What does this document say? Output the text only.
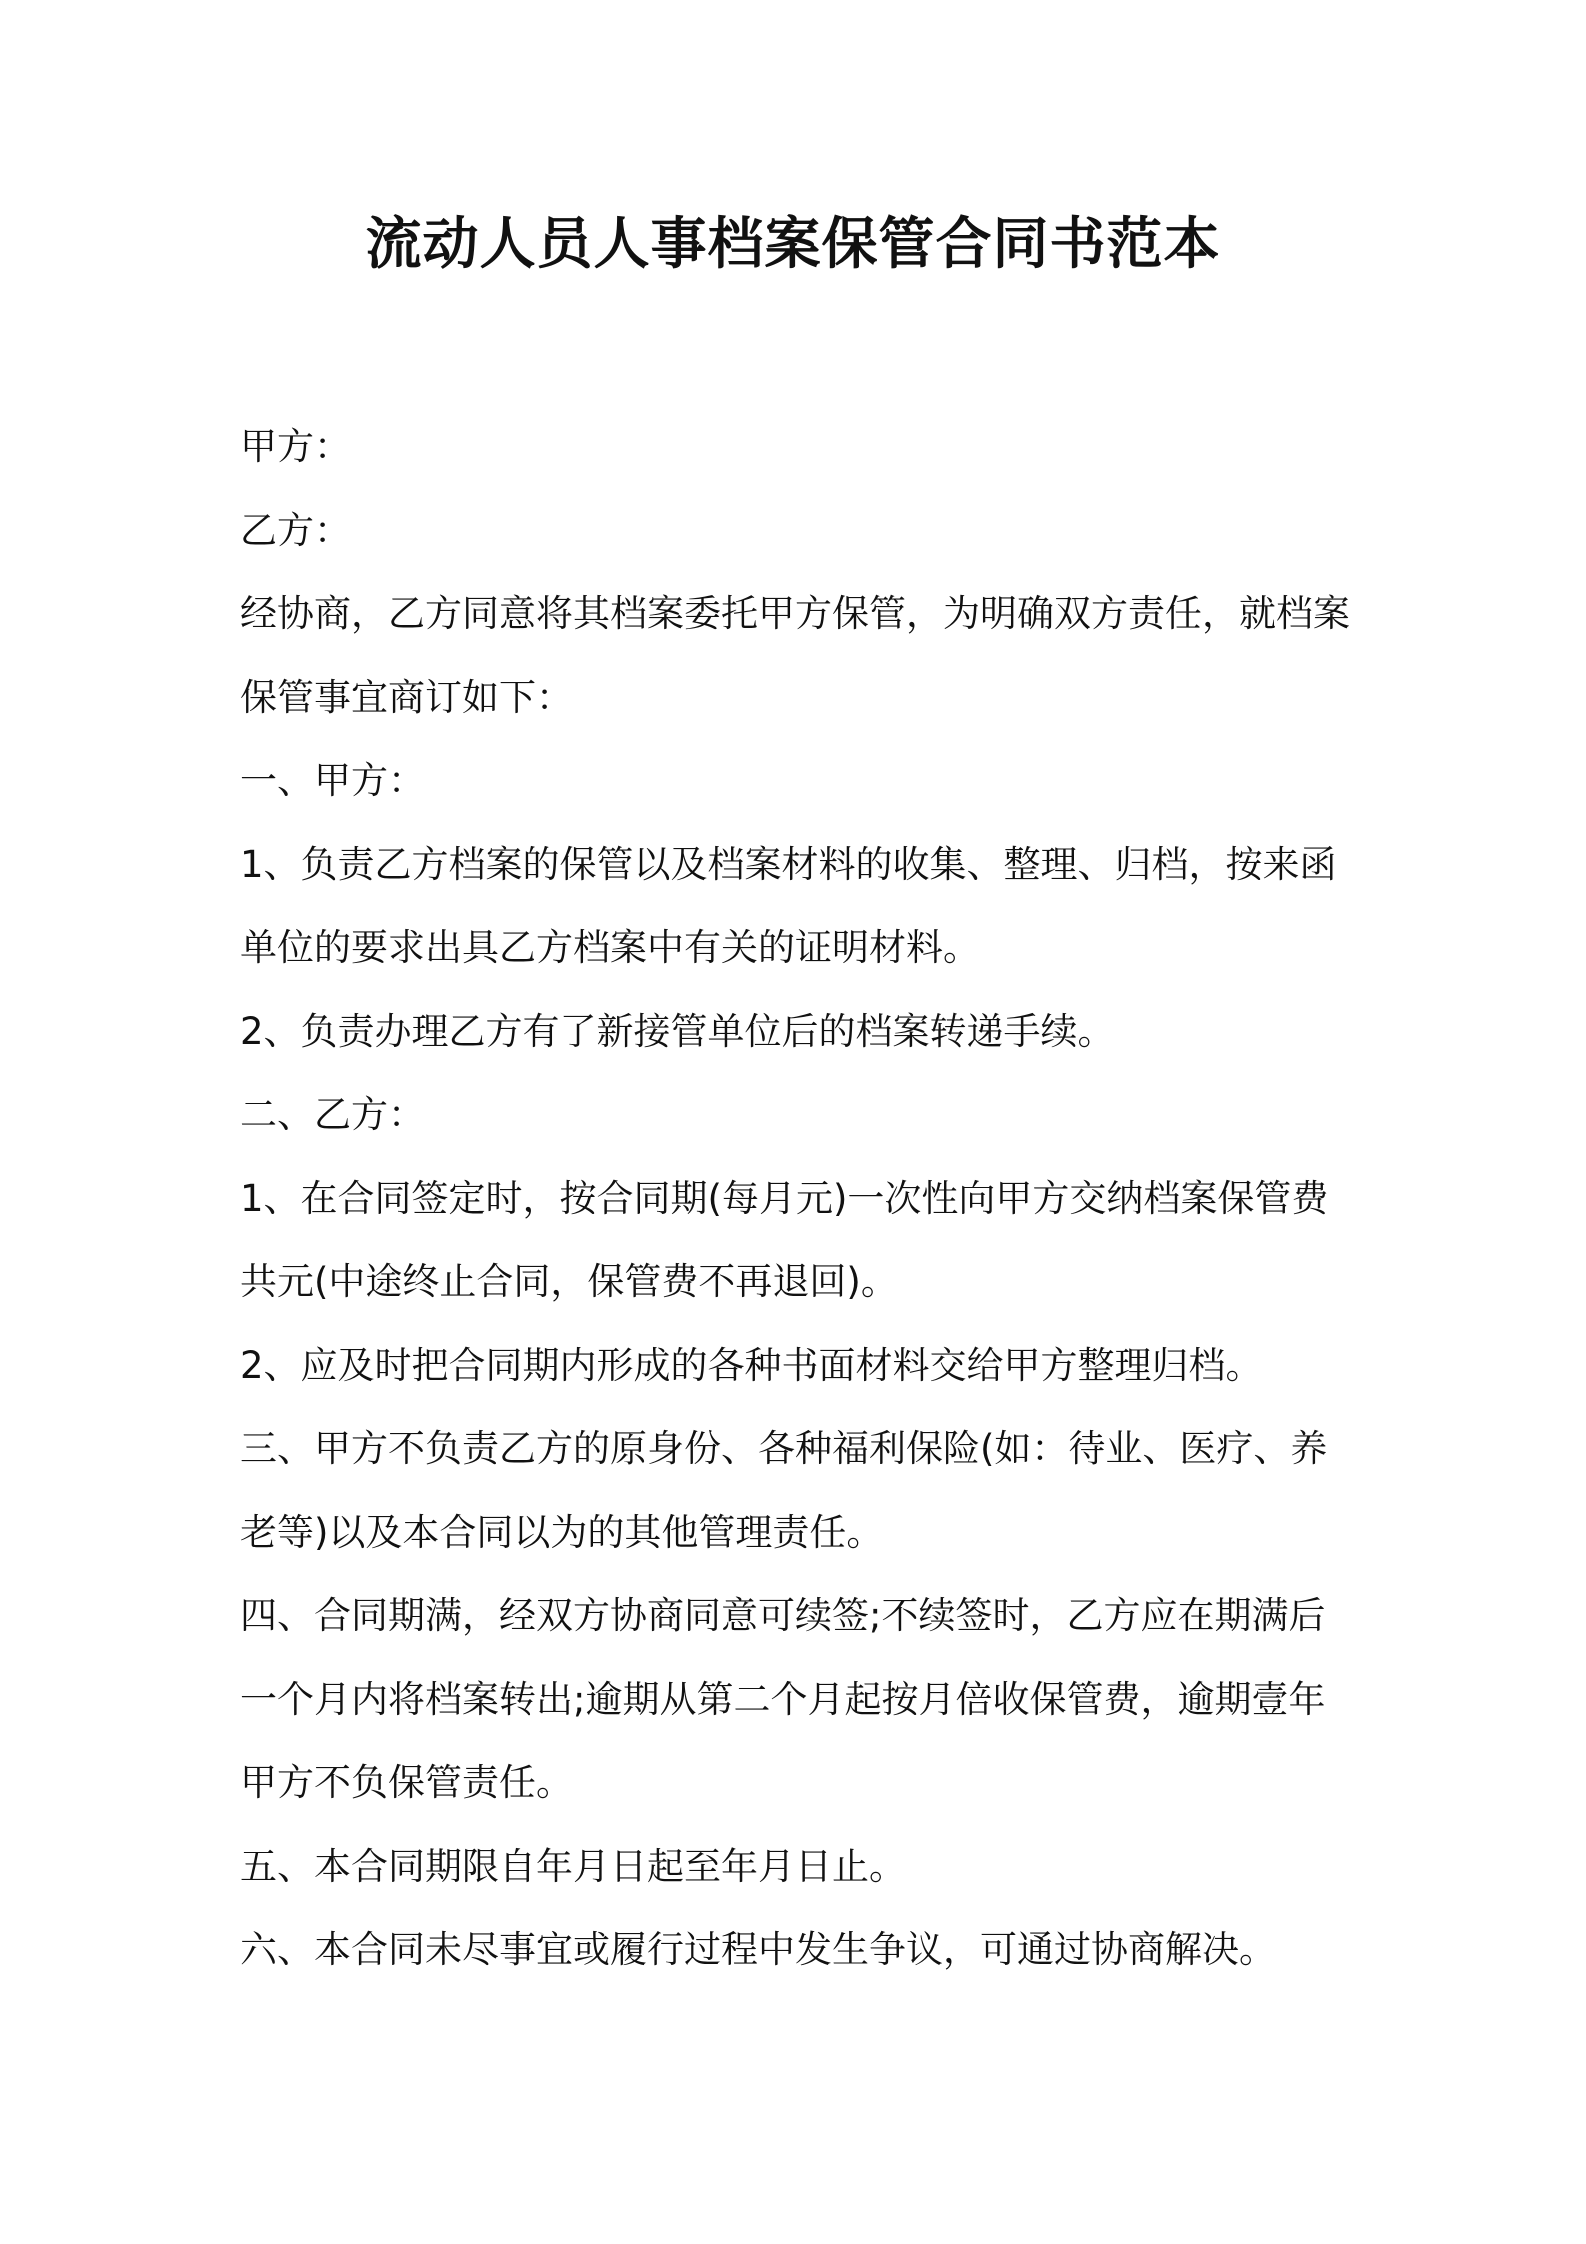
流动人员人事档案保管合同书范本

甲方：

乙方：

经协商，乙方同意将其档案委托甲方保管，为明确双方责任，就档案

保管事宜商订如下：

一、甲方：

1、负责乙方档案的保管以及档案材料的收集、整理、归档，按来函

单位的要求出具乙方档案中有关的证明材料。

2、负责办理乙方有了新接管单位后的档案转递手续。

二、乙方：

1、在合同签定时，按合同期(每月元)一次性向甲方交纳档案保管费

共元(中途终止合同，保管费不再退回)。

2、应及时把合同期内形成的各种书面材料交给甲方整理归档。

三、甲方不负责乙方的原身份、各种福利保险(如：待业、医疗、养

老等)以及本合同以为的其他管理责任。

四、合同期满，经双方协商同意可续签;不续签时，乙方应在期满后

一个月内将档案转出;逾期从第二个月起按月倍收保管费，逾期壹年

甲方不负保管责任。

五、本合同期限自年月日起至年月日止。

六、本合同未尽事宜或履行过程中发生争议，可通过协商解决。
